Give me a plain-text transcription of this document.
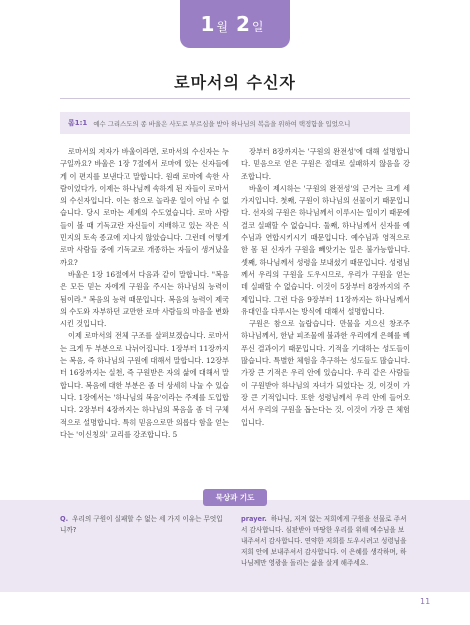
1 월 2 일
로마서의 수신자
롬1:1 예수 그리스도의 종 바울은 사도로 부르심을 받아 하나님의 복음을 위하여 택정함을 입었으니

로마서의 저자가 바울이라면, 로마서의 수신자는 누구일까요? 바울은 1장 7절에서 로마에 있는 신자들에게 이 편지를 보낸다고 말합니다. 원래 로마에 속한 사람이었다가, 이제는 하나님께 속하게 된 자들이 로마서의 수신자입니다. 이는 참으로 놀라운 일이 아닐 수 없습니다. 당시 로마는 세계의 수도였습니다. 로마 사람들이 볼 때 기독교란 자신들이 지배하고 있는 작은 식민지의 토속 종교에 지나지 않았습니다. 그런데 어떻게 로마 사람들 중에 기독교로 개종하는 자들이 생겨났을까요?

바울은 1장 16절에서 다음과 같이 말합니다. "복음은 모든 믿는 자에게 구원을 주시는 하나님의 능력이 됨이라." 복음의 능력 때문입니다. 복음의 능력이 제국의 수도와 자부하던 교만한 로마 사람들의 마음을 변화시킨 것입니다.

이제 로마서의 전체 구조를 살펴보겠습니다. 로마서는 크게 두 부분으로 나뉘어집니다. 1장부터 11장까지는 복음, 즉 하나님의 구원에 대해서 말합니다. 12장부터 16장까지는 실천, 즉 구원받은 자의 삶에 대해서 말합니다. 복음에 대한 부분은 좀 더 상세히 나눌 수 있습니다. 1장에서는 '하나님의 복음'이라는 주제를 도입합니다. 2장부터 4장까지는 하나님의 복음을 좀 더 구체적으로 설명합니다. 특히 믿음으로만 의롭다 함을 얻는다는 '이신칭의' 교리를 강조합니다. 5

장부터 8장까지는 '구원의 완전성'에 대해 설명합니다. 믿음으로 얻은 구원은 절대로 실패하지 않음을 강조합니다.

바울이 제시하는 '구원의 완전성'의 근거는 크게 세 가지입니다. 첫째, 구원이 하나님의 선물이기 때문입니다. 선자의 구원은 하나님께서 이루시는 일이기 때문에 결코 실패할 수 없습니다. 둘째, 하나님께서 신자를 예수님과 연합시키시기 때문입니다. 예수님과 영적으로 한 몸 된 신자가 구원을 빼앗기는 일은 불가능합니다. 셋째, 하나님께서 성령을 보내셨기 때문입니다. 성령님께서 우리의 구원을 도우시므로, 우리가 구원을 얻는 데 실패할 수 없습니다. 이것이 5장부터 8장까지의 주제입니다. 그런 다음 9장부터 11장까지는 하나님께서 유대인을 다루시는 방식에 대해서 설명합니다.

구원은 참으로 놀랍습니다. 만물을 지으신 창조주 하나님께서, 한낱 피조물에 불과한 우리에게 은혜를 베푸신 결과이기 때문입니다. 기적을 기대하는 성도들이 많습니다. 특별한 체험을 추구하는 성도들도 많습니다. 가장 큰 기적은 우리 안에 있습니다. 우리 같은 사람들이 구원받아 하나님의 자녀가 되었다는 것, 이것이 가장 큰 기적입니다. 또한 성령님께서 우리 안에 들어오셔서 우리의 구원을 돕는다는 것, 이것이 가장 큰 체험입니다.

Q. 우리의 구원이 실패할 수 없는 세 가지 이유는 무엇입니까?
prayer. 하나님, 저져 없는 저희에게 구원을 선물로 주셔서 감사합니다. 심판받아 마땅한 우리를 위해 예수님을 보내주셔서 감사합니다. 연약한 저희를 도우시려고 성령님을 저희 안에 보내주셔서 감사합니다. 이 은혜를 생각하며, 하나님께만 영광을 돌리는 삶을 살게 해주세요.
묵상과 기도
11
